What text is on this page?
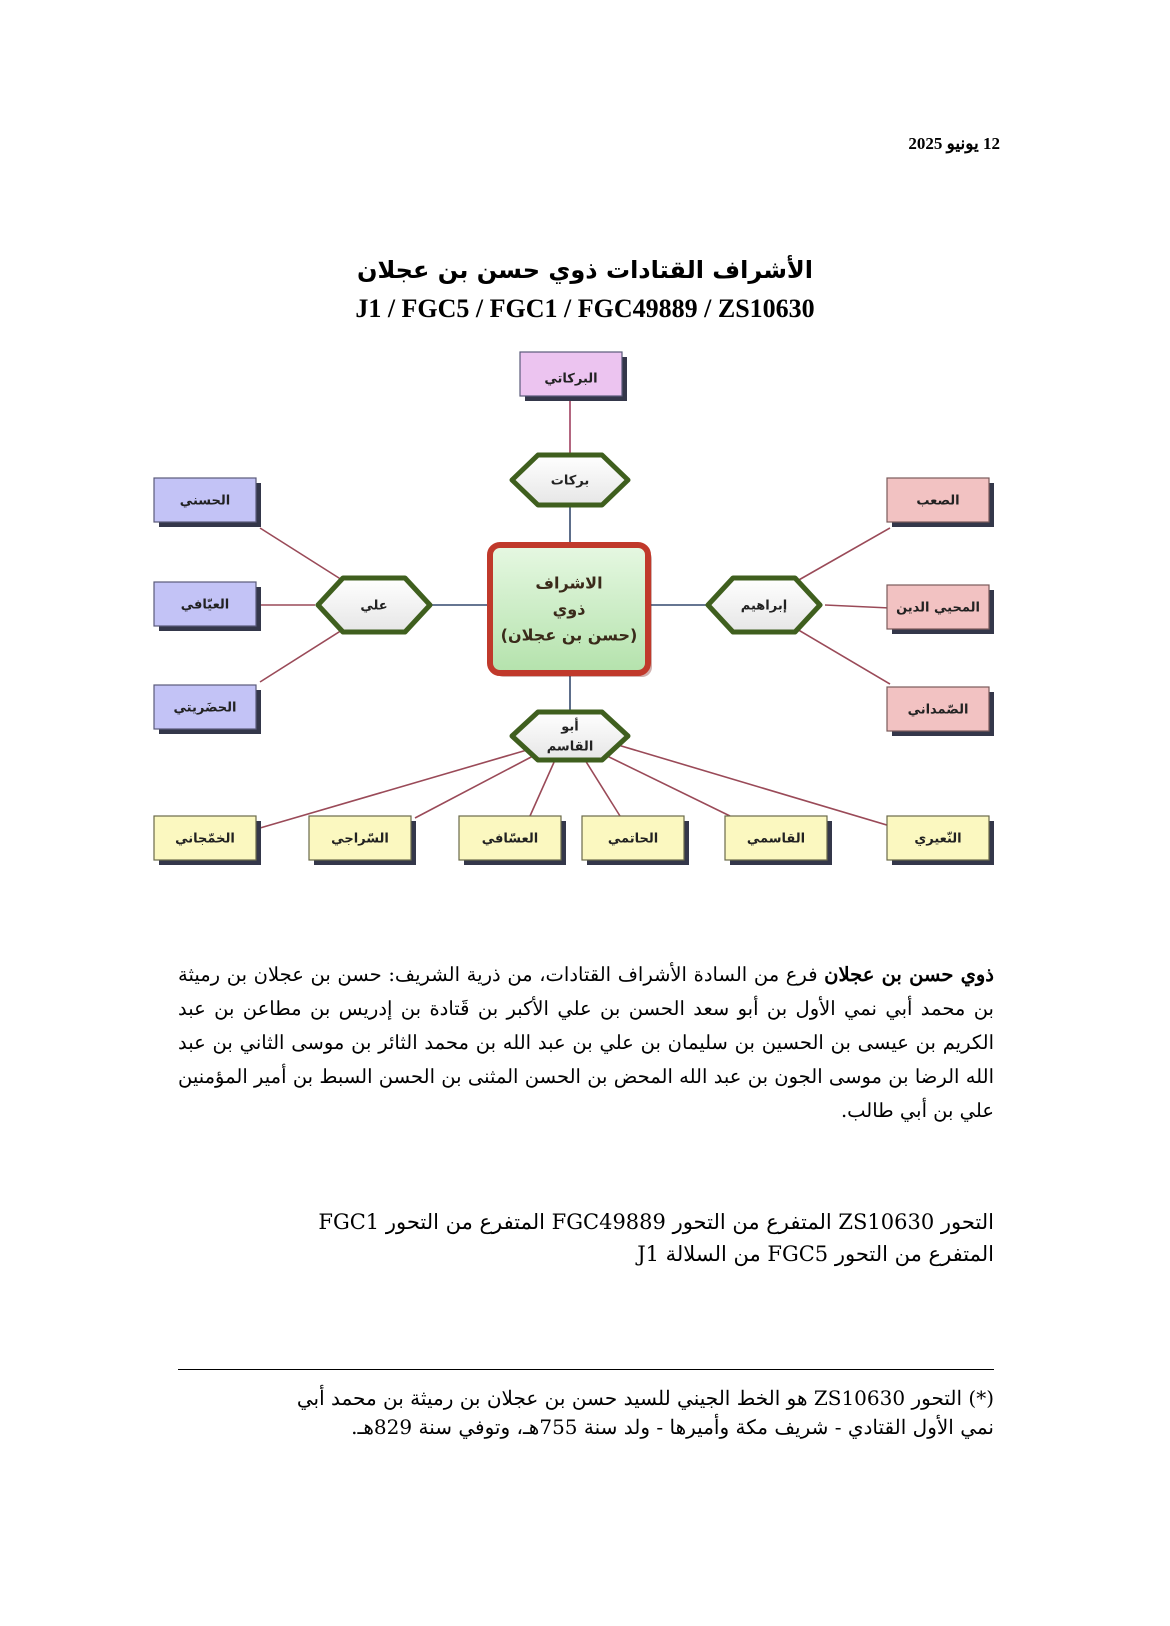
12 يونيو 2025
الأشراف القتادات ذوي حسن بن عجلان
J1 / FGC5 / FGC1 / FGC49889 / ZS10630
البركاتي
الحسني
العيّافي
الحضَريتي
الصعب
المحيي الدين
الصّمداني
الخمّجاني	السّراجي	العسّافي	الحاتمي	القاسمي	النّعيري
بركات
علي	إبراهيم
أبو
القاسم
الاشراف
ذوي
(حسن بن عجلان)
ذوي حسن بن عجلان فرع من السادة الأشراف القتادات، من ذرية الشريف: حسن بن عجلان بن رميثة بن محمد أبي نمي الأول بن أبو سعد الحسن بن علي الأكبر بن قَتادة بن إدريس بن مطاعن بن عبد الكريم بن عيسى بن الحسين بن سليمان بن علي بن عبد الله بن محمد الثائر بن موسى الثاني بن عبد الله الرضا بن موسى الجون بن عبد الله المحض بن الحسن المثنى بن الحسن السبط بن أمير المؤمنين علي بن أبي طالب.
التحور ZS10630 المتفرع من التحور FGC49889 المتفرع من التحور FGC1
المتفرع من التحور FGC5 من السلالة J1
(*) التحور ZS10630 هو الخط الجيني للسيد حسن بن عجلان بن رميثة بن محمد أبي
نمي الأول القتادي - شريف مكة وأميرها - ولد سنة 755هـ، وتوفي سنة 829هـ.
